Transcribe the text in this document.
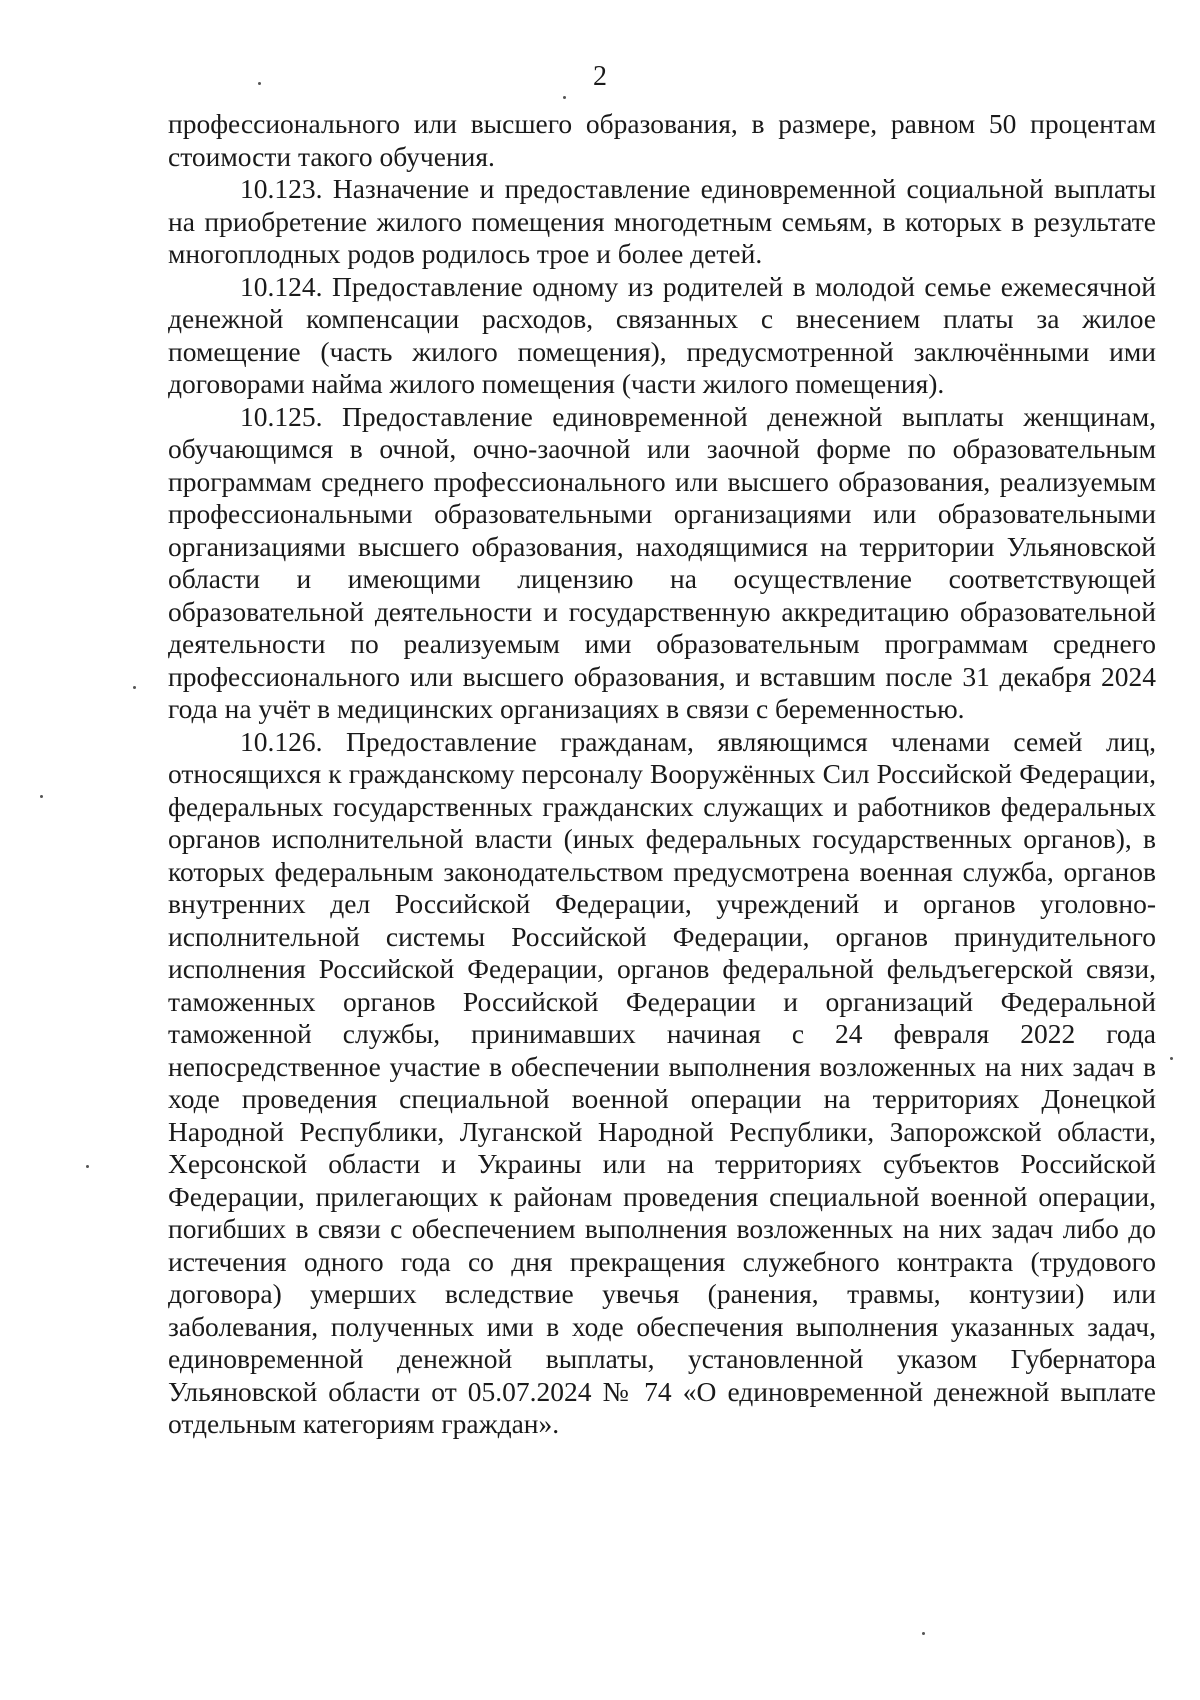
2

профессионального или высшего образования, в размере, равном 50 процентам стоимости такого обучения.

10.123. Назначение и предоставление единовременной социальной выплаты на приобретение жилого помещения многодетным семьям, в которых в результате многоплодных родов родилось трое и более детей.

10.124. Предоставление одному из родителей в молодой семье ежемесячной денежной компенсации расходов, связанных с внесением платы за жилое помещение (часть жилого помещения), предусмотренной заключёнными ими договорами найма жилого помещения (части жилого помещения).

10.125. Предоставление единовременной денежной выплаты женщинам, обучающимся в очной, очно-заочной или заочной форме по образовательным программам среднего профессионального или высшего образования, реализуемым профессиональными образовательными организациями или образовательными организациями высшего образования, находящимися на территории Ульяновской области и имеющими лицензию на осуществление соответствующей образовательной деятельности и государственную аккредитацию образовательной деятельности по реализуемым ими образовательным программам среднего профессионального или высшего образования, и вставшим после 31 декабря 2024 года на учёт в медицинских организациях в связи с беременностью.

10.126. Предоставление гражданам, являющимся членами семей лиц, относящихся к гражданскому персоналу Вооружённых Сил Российской Федерации, федеральных государственных гражданских служащих и работников федеральных органов исполнительной власти (иных федеральных государственных органов), в которых федеральным законодательством предусмотрена военная служба, органов внутренних дел Российской Федерации, учреждений и органов уголовно-исполнительной системы Российской Федерации, органов принудительного исполнения Российской Федерации, органов федеральной фельдъегерской связи, таможенных органов Российской Федерации и организаций Федеральной таможенной службы, принимавших начиная с 24 февраля 2022 года непосредственное участие в обеспечении выполнения возложенных на них задач в ходе проведения специальной военной операции на территориях Донецкой Народной Республики, Луганской Народной Республики, Запорожской области, Херсонской области и Украины или на территориях субъектов Российской Федерации, прилегающих к районам проведения специальной военной операции, погибших в связи с обеспечением выполнения возложенных на них задач либо до истечения одного года со дня прекращения служебного контракта (трудового договора) умерших вследствие увечья (ранения, травмы, контузии) или заболевания, полученных ими в ходе обеспечения выполнения указанных задач, единовременной денежной выплаты, установленной указом Губернатора Ульяновской области от 05.07.2024 № 74 «О единовременной денежной выплате отдельным категориям граждан».
